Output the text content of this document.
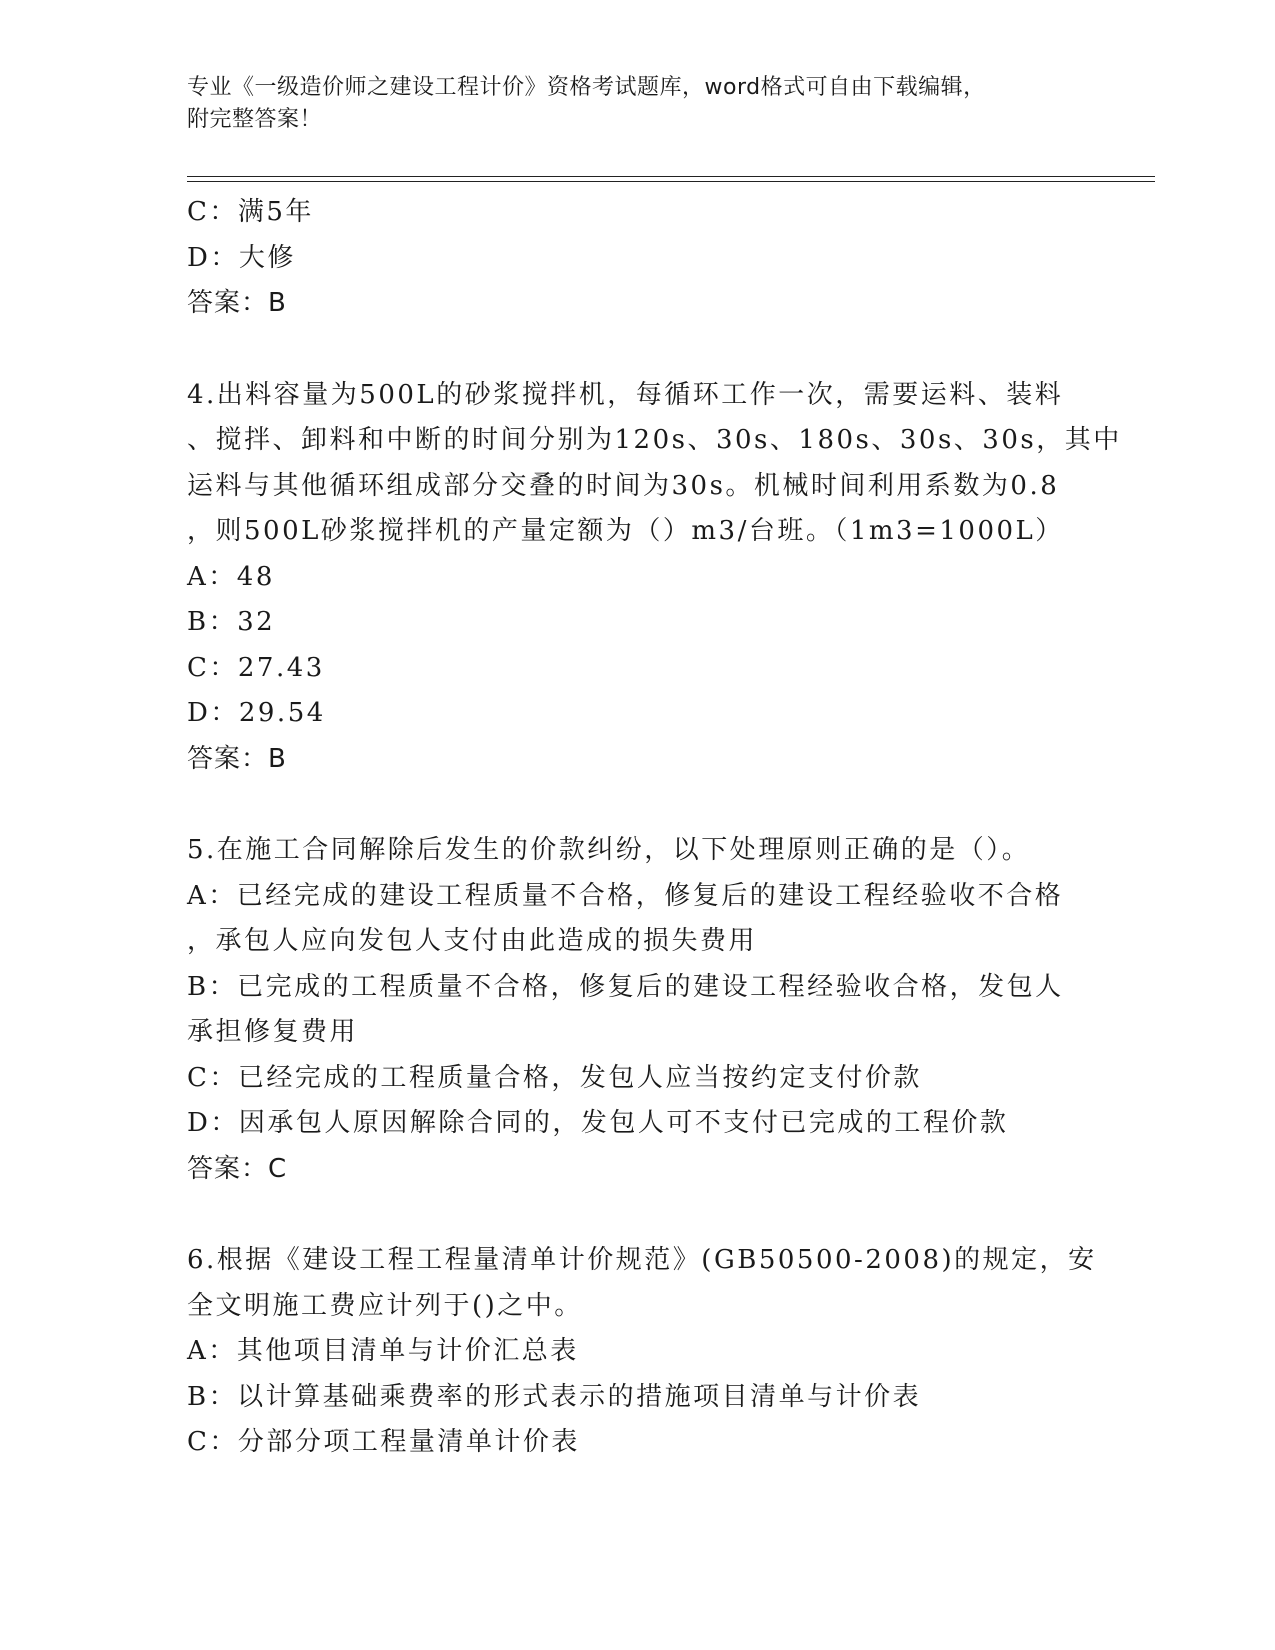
专业《一级造价师之建设工程计价》资格考试题库，word格式可自由下载编辑，
附完整答案！
C：满5年
D：大修
答案：B
4.出料容量为500L的砂浆搅拌机，每循环工作一次，需要运料、装料
、搅拌、卸料和中断的时间分别为120s、30s、180s、30s、30s，其中
运料与其他循环组成部分交叠的时间为30s。机械时间利用系数为0.8
，则500L砂浆搅拌机的产量定额为（）m3/台班。（1m3=1000L）
A：48
B：32
C：27.43
D：29.54
答案：B
5.在施工合同解除后发生的价款纠纷，以下处理原则正确的是（）。
A：已经完成的建设工程质量不合格，修复后的建设工程经验收不合格
，承包人应向发包人支付由此造成的损失费用
B：已完成的工程质量不合格，修复后的建设工程经验收合格，发包人
承担修复费用
C：已经完成的工程质量合格，发包人应当按约定支付价款
D：因承包人原因解除合同的，发包人可不支付已完成的工程价款
答案：C
6.根据《建设工程工程量清单计价规范》(GB50500-2008)的规定，安
全文明施工费应计列于()之中。
A：其他项目清单与计价汇总表
B：以计算基础乘费率的形式表示的措施项目清单与计价表
C：分部分项工程量清单计价表
